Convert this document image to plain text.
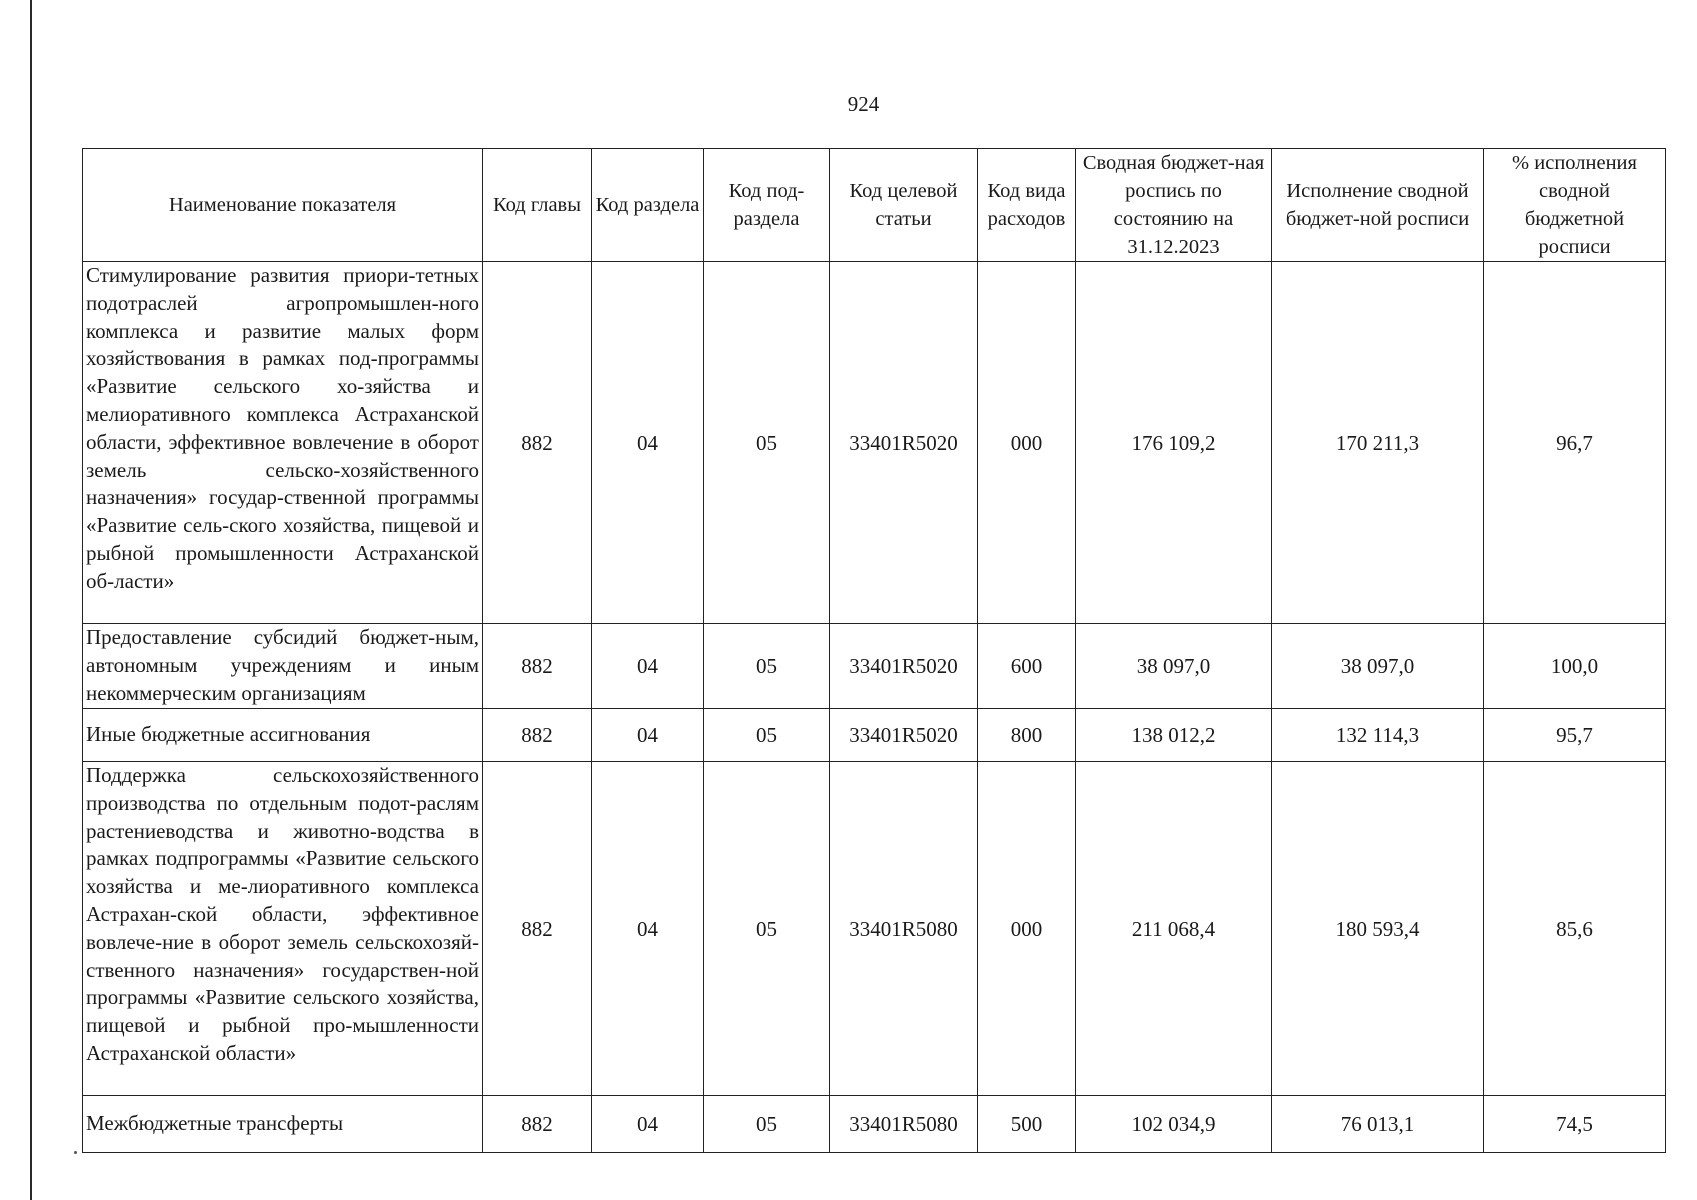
924
Наименование показателя	Код главы	Код раздела	Код под-раздела	Код целевой статьи	Код вида расходов	Сводная бюджет-ная роспись по состоянию на 31.12.2023	Исполнение сводной бюджет-ной росписи	% исполнения сводной бюджетной росписи
Стимулирование развития приори-тетных подотраслей агропромышлен-ного комплекса и развитие малых форм хозяйствования в рамках под-программы «Развитие сельского хо-зяйства и мелиоративного комплекса Астраханской области, эффективное вовлечение в оборот земель сельско-хозяйственного назначения» государ-ственной программы «Развитие сель-ского хозяйства, пищевой и рыбной промышленности Астраханской об-ласти»	882	04	05	33401R5020	000	176 109,2	170 211,3	96,7
Предоставление субсидий бюджет-ным, автономным учреждениям и иным некоммерческим организациям	882	04	05	33401R5020	600	38 097,0	38 097,0	100,0
Иные бюджетные ассигнования	882	04	05	33401R5020	800	138 012,2	132 114,3	95,7
Поддержка сельскохозяйственного производства по отдельным подот-раслям растениеводства и животно-водства в рамках подпрограммы «Развитие сельского хозяйства и ме-лиоративного комплекса Астрахан-ской области, эффективное вовлече-ние в оборот земель сельскохозяй-ственного назначения» государствен-ной программы «Развитие сельского хозяйства, пищевой и рыбной про-мышленности Астраханской области»	882	04	05	33401R5080	000	211 068,4	180 593,4	85,6
Межбюджетные трансферты	882	04	05	33401R5080	500	102 034,9	76 013,1	74,5
